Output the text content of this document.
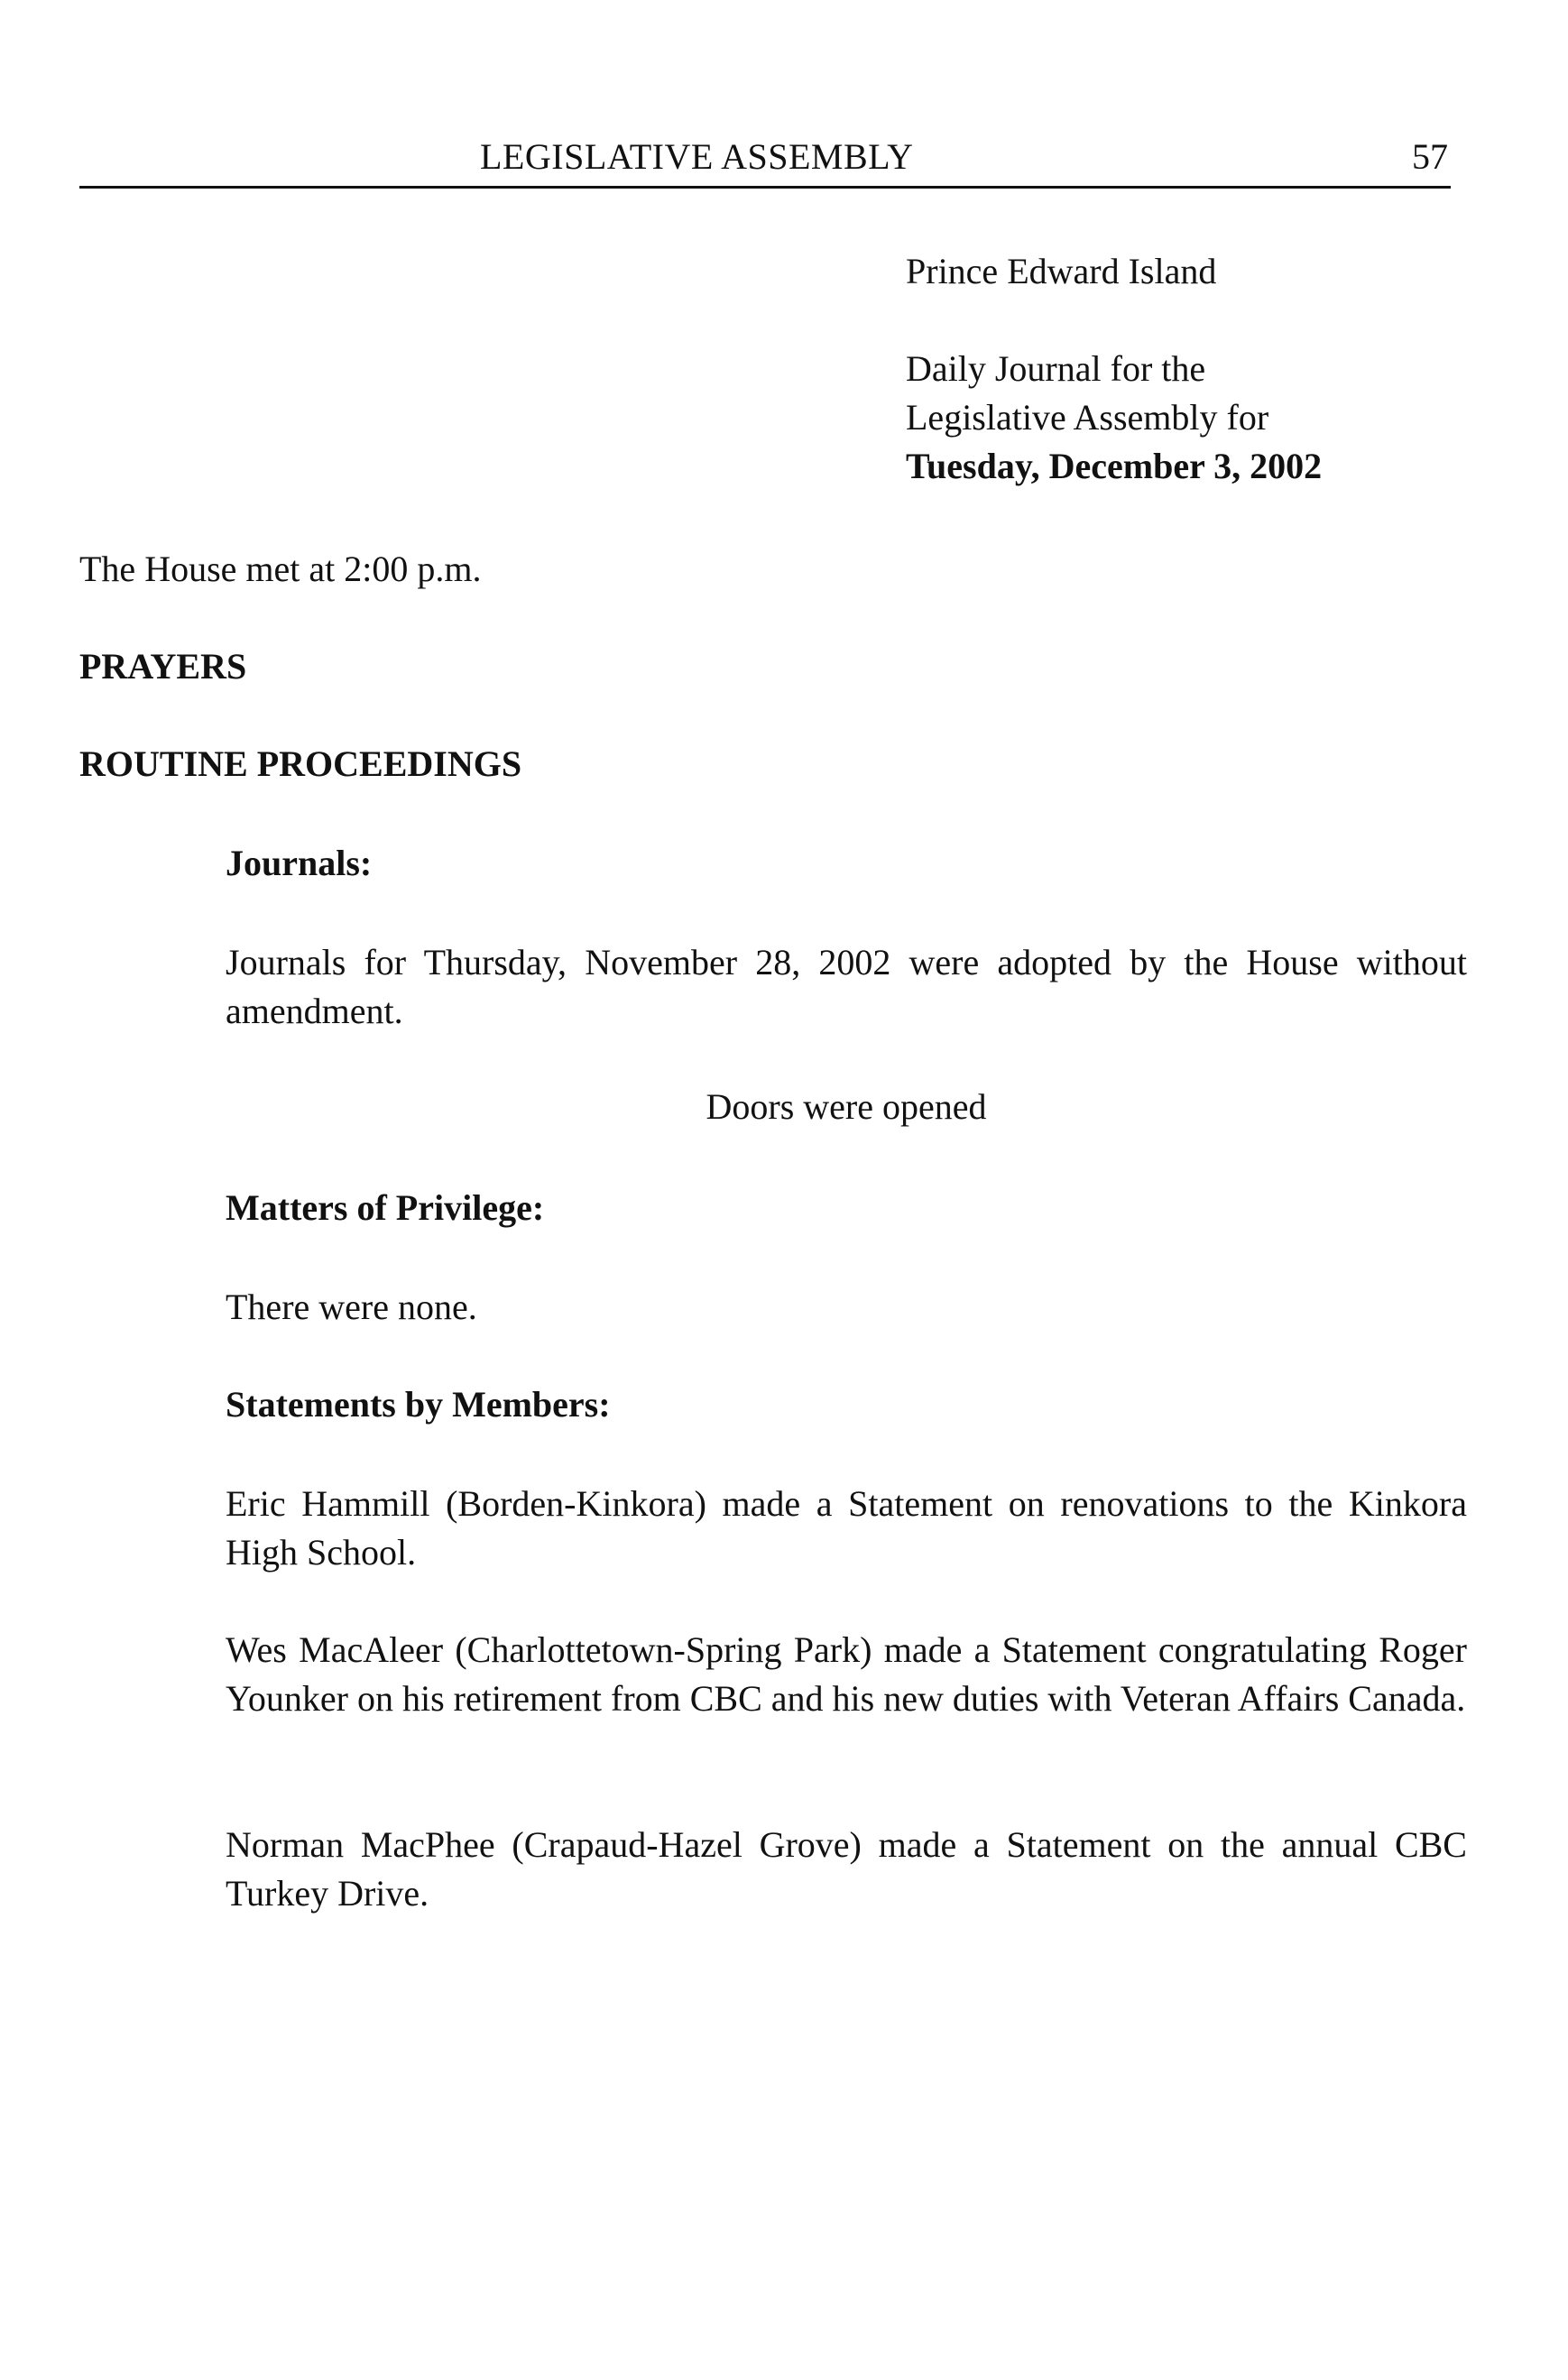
LEGISLATIVE ASSEMBLY	57
Prince Edward Island
Daily Journal for the
Legislative Assembly for
Tuesday, December 3, 2002
The House met at 2:00 p.m.
PRAYERS
ROUTINE PROCEEDINGS
Journals:
Journals for Thursday, November 28, 2002 were adopted by the House without amendment.
Doors were opened
Matters of Privilege:
There were none.
Statements by Members:
Eric Hammill (Borden-Kinkora) made a Statement on renovations to the Kinkora High School.
Wes MacAleer (Charlottetown-Spring Park) made a Statement congratulating Roger Younker on his retirement from CBC and his new duties with Veteran Affairs Canada.
Norman MacPhee (Crapaud-Hazel Grove) made a Statement on the annual CBC Turkey Drive.
